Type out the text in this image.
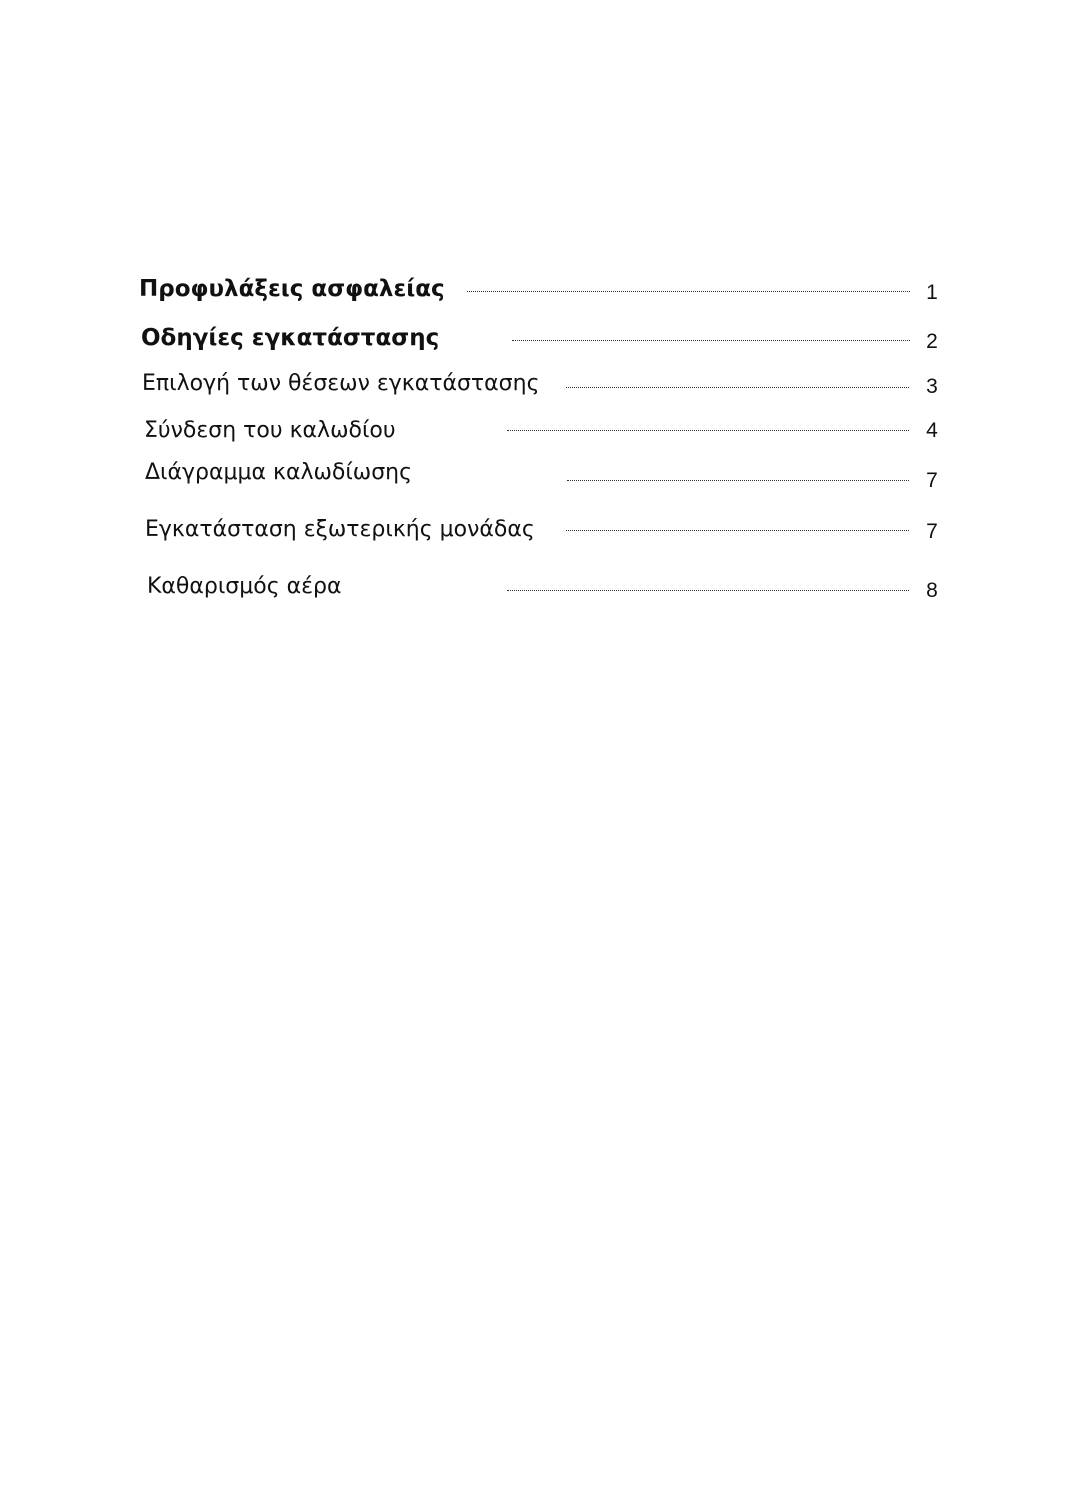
Προφυλάξεις ασφαλείας	1
Οδηγίες εγκατάστασης	2
Επιλογή των θέσεων εγκατάστασης	3
Σύνδεση του καλωδίου	4
Διάγραμμα καλωδίωσης	7
Εγκατάσταση εξωτερικής μονάδας	7
Καθαρισμός αέρα	8
